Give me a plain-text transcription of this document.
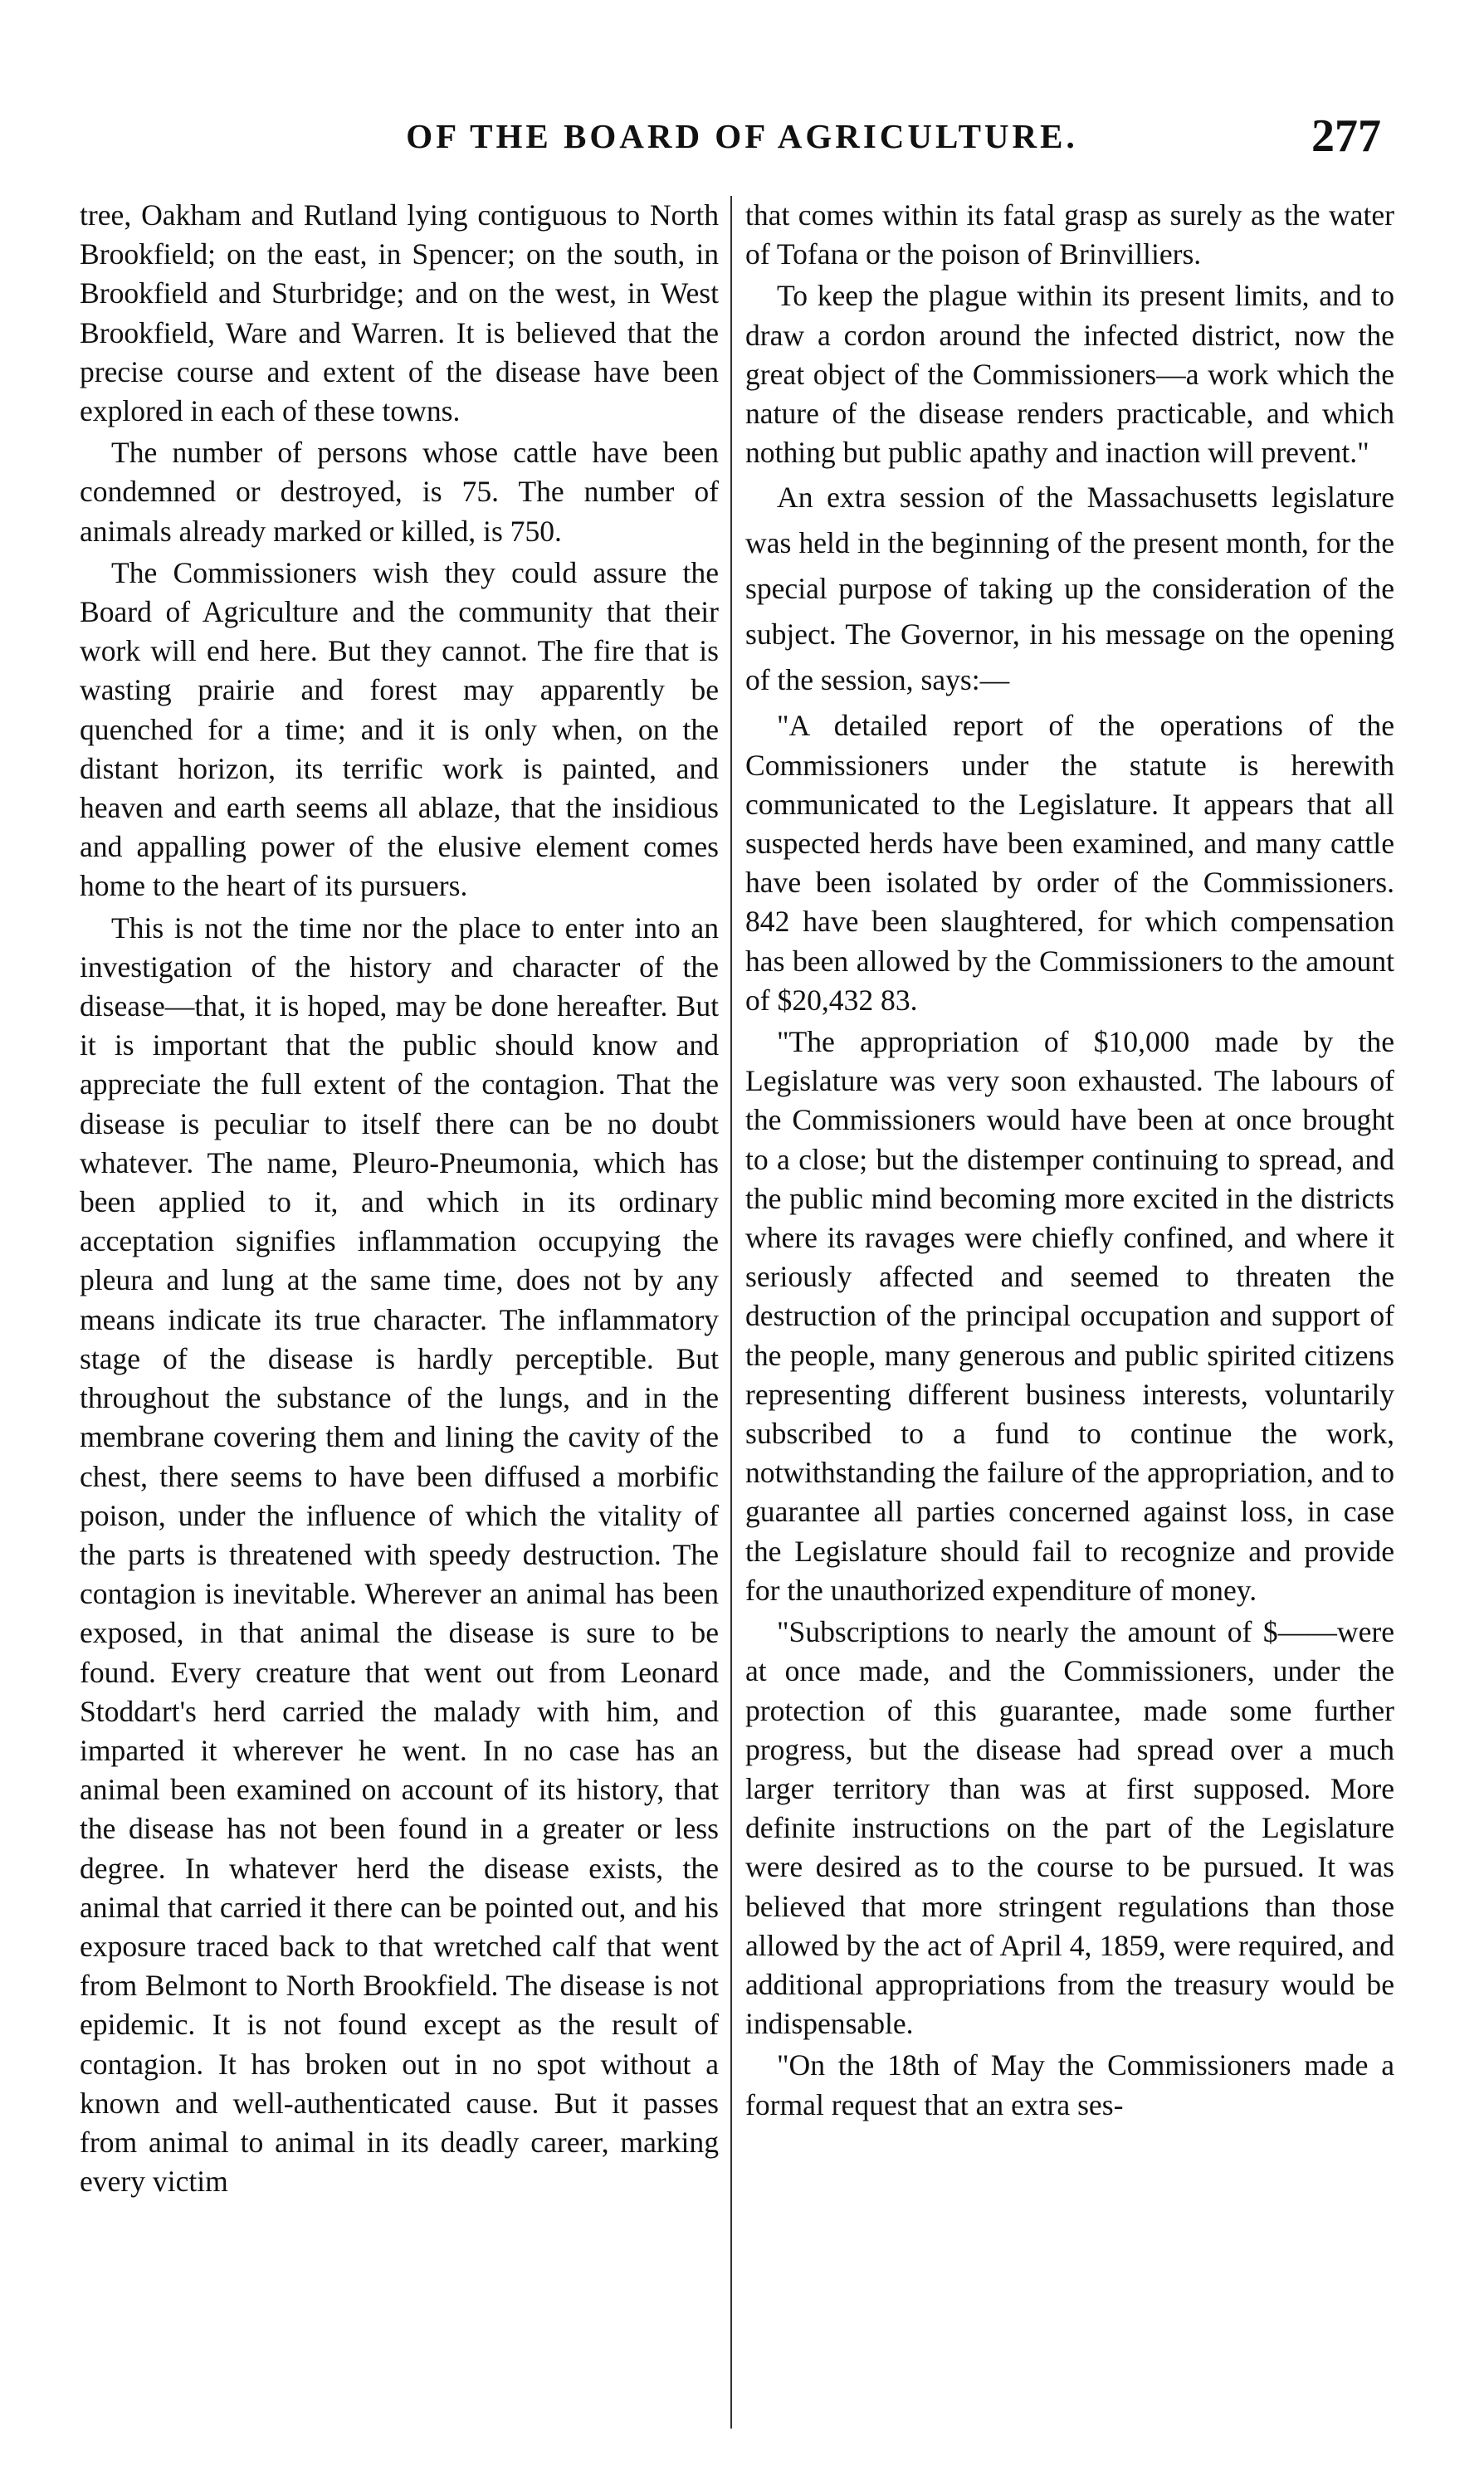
OF THE BOARD OF AGRICULTURE.	277

tree, Oakham and Rutland lying contiguous to North Brookfield; on the east, in Spencer; on the south, in Brookfield and Sturbridge; and on the west, in West Brookfield, Ware and Warren. It is believed that the precise course and extent of the disease have been explored in each of these towns.

The number of persons whose cattle have been condemned or destroyed, is 75. The number of animals already marked or killed, is 750.

The Commissioners wish they could assure the Board of Agriculture and the community that their work will end here. But they cannot. The fire that is wasting prairie and forest may apparently be quenched for a time; and it is only when, on the distant horizon, its terrific work is painted, and heaven and earth seems all ablaze, that the insidious and appalling power of the elusive element comes home to the heart of its pursuers.

This is not the time nor the place to enter into an investigation of the history and character of the disease—that, it is hoped, may be done hereafter. But it is important that the public should know and appreciate the full extent of the contagion. That the disease is peculiar to itself there can be no doubt whatever. The name, Pleuro-Pneumonia, which has been applied to it, and which in its ordinary acceptation signifies inflammation occupying the pleura and lung at the same time, does not by any means indicate its true character. The inflammatory stage of the disease is hardly perceptible. But throughout the substance of the lungs, and in the membrane covering them and lining the cavity of the chest, there seems to have been diffused a morbific poison, under the influence of which the vitality of the parts is threatened with speedy destruction. The contagion is inevitable. Wherever an animal has been exposed, in that animal the disease is sure to be found. Every creature that went out from Leonard Stoddart's herd carried the malady with him, and imparted it wherever he went. In no case has an animal been examined on account of its history, that the disease has not been found in a greater or less degree. In whatever herd the disease exists, the animal that carried it there can be pointed out, and his exposure traced back to that wretched calf that went from Belmont to North Brookfield. The disease is not epidemic. It is not found except as the result of contagion. It has broken out in no spot without a known and well-authenticated cause. But it passes from animal to animal in its deadly career, marking every victim

that comes within its fatal grasp as surely as the water of Tofana or the poison of Brinvilliers.

To keep the plague within its present limits, and to draw a cordon around the infected district, now the great object of the Commissioners—a work which the nature of the disease renders practicable, and which nothing but public apathy and inaction will prevent."

An extra session of the Massachusetts legislature was held in the beginning of the present month, for the special purpose of taking up the consideration of the subject. The Governor, in his message on the opening of the session, says:—

"A detailed report of the operations of the Commissioners under the statute is herewith communicated to the Legislature. It appears that all suspected herds have been examined, and many cattle have been isolated by order of the Commissioners. 842 have been slaughtered, for which compensation has been allowed by the Commissioners to the amount of $20,432 83.

"The appropriation of $10,000 made by the Legislature was very soon exhausted. The labours of the Commissioners would have been at once brought to a close; but the distemper continuing to spread, and the public mind becoming more excited in the districts where its ravages were chiefly confined, and where it seriously affected and seemed to threaten the destruction of the principal occupation and support of the people, many generous and public spirited citizens representing different business interests, voluntarily subscribed to a fund to continue the work, notwithstanding the failure of the appropriation, and to guarantee all parties concerned against loss, in case the Legislature should fail to recognize and provide for the unauthorized expenditure of money.

"Subscriptions to nearly the amount of $——were at once made, and the Commissioners, under the protection of this guarantee, made some further progress, but the disease had spread over a much larger territory than was at first supposed. More definite instructions on the part of the Legislature were desired as to the course to be pursued. It was believed that more stringent regulations than those allowed by the act of April 4, 1859, were required, and additional appropriations from the treasury would be indispensable.

"On the 18th of May the Commissioners made a formal request that an extra ses-
